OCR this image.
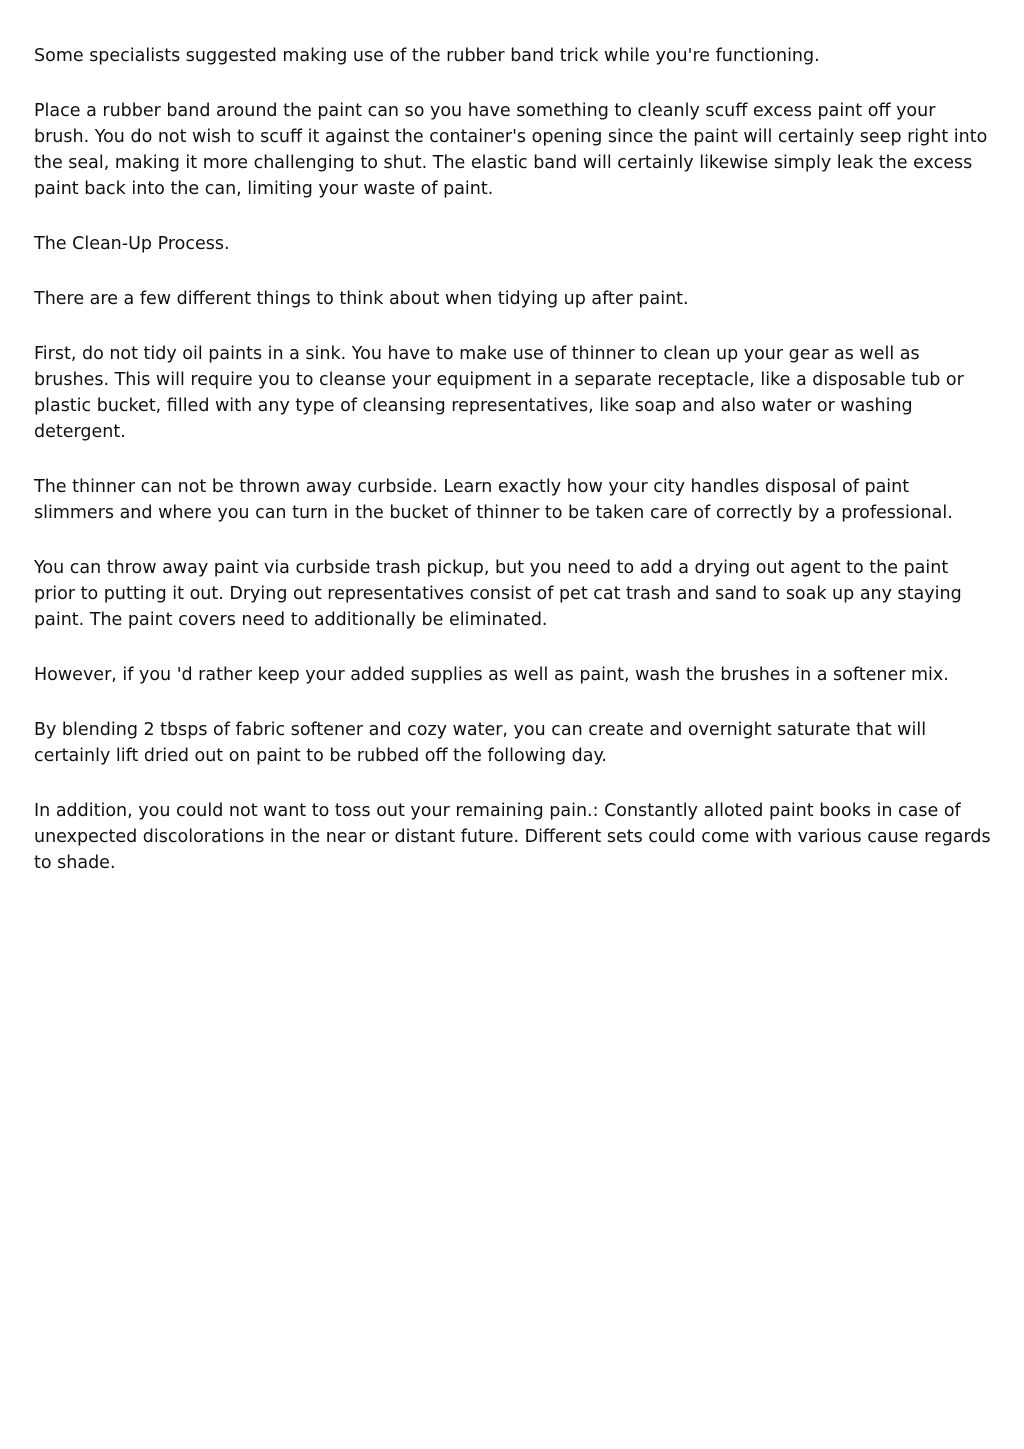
Some specialists suggested making use of the rubber band trick while you're functioning.

Place a rubber band around the paint can so you have something to cleanly scuff excess paint off your brush. You do not wish to scuff it against the container's opening since the paint will certainly seep right into the seal, making it more challenging to shut. The elastic band will certainly likewise simply leak the excess paint back into the can, limiting your waste of paint.

The Clean-Up Process.

There are a few different things to think about when tidying up after paint.

First, do not tidy oil paints in a sink. You have to make use of thinner to clean up your gear as well as brushes. This will require you to cleanse your equipment in a separate receptacle, like a disposable tub or plastic bucket, filled with any type of cleansing representatives, like soap and also water or washing detergent.

The thinner can not be thrown away curbside. Learn exactly how your city handles disposal of paint slimmers and where you can turn in the bucket of thinner to be taken care of correctly by a professional.

You can throw away paint via curbside trash pickup, but you need to add a drying out agent to the paint prior to putting it out. Drying out representatives consist of pet cat trash and sand to soak up any staying paint. The paint covers need to additionally be eliminated.

However, if you 'd rather keep your added supplies as well as paint, wash the brushes in a softener mix.

By blending 2 tbsps of fabric softener and cozy water, you can create and overnight saturate that will certainly lift dried out on paint to be rubbed off the following day.

In addition, you could not want to toss out your remaining pain.: Constantly alloted paint books in case of unexpected discolorations in the near or distant future. Different sets could come with various cause regards to shade.
